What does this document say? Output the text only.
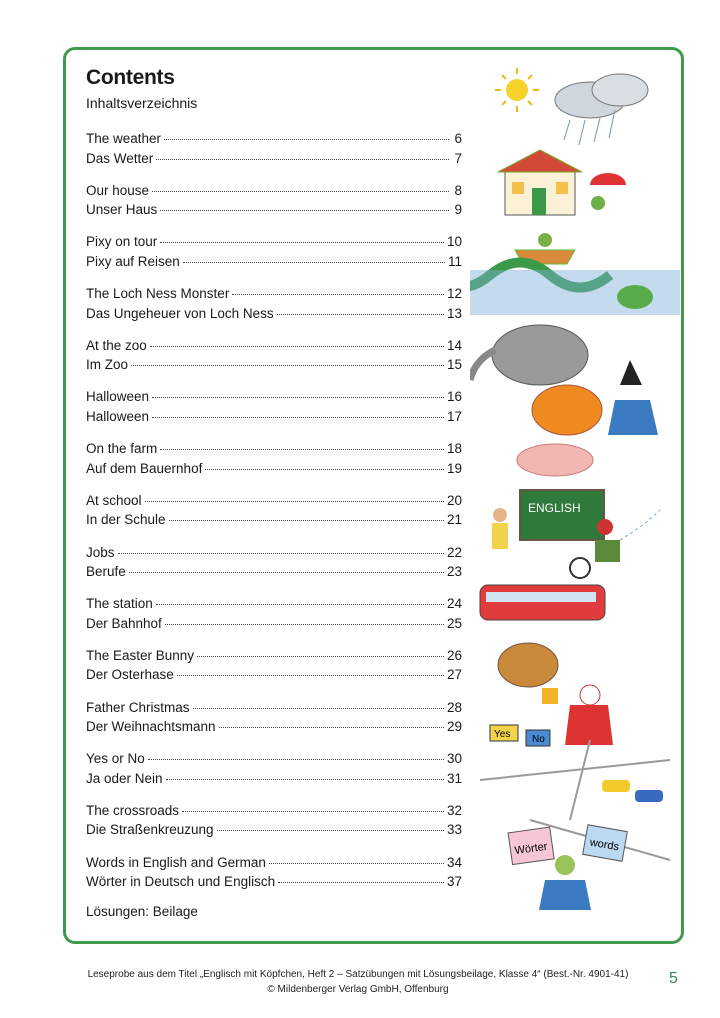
Contents
Inhaltsverzeichnis
The weather	6
Das Wetter	7
Our house	8
Unser Haus	9
Pixy on tour	10
Pixy auf Reisen	11
The Loch Ness Monster	12
Das Ungeheuer von Loch Ness	13
At the zoo	14
Im Zoo	15
Halloween	16
Halloween	17
On the farm	18
Auf dem Bauernhof	19
At school	20
In der Schule	21
Jobs	22
Berufe	23
The station	24
Der Bahnhof	25
The Easter Bunny	26
Der Osterhase	27
Father Christmas	28
Der Weihnachtsmann	29
Yes or No	30
Ja oder Nein	31
The crossroads	32
Die Straßenkreuzung	33
Words in English and German	34
Wörter in Deutsch und Englisch	37
Lösungen: Beilage
ENGLISH
Yes No
Wörter	words
Leseprobe aus dem Titel „Englisch mit Köpfchen, Heft 2 – Satzübungen mit Lösungsbeilage, Klasse 4“ (Best.-Nr. 4901-41)
© Mildenberger Verlag GmbH, Offenburg
5
